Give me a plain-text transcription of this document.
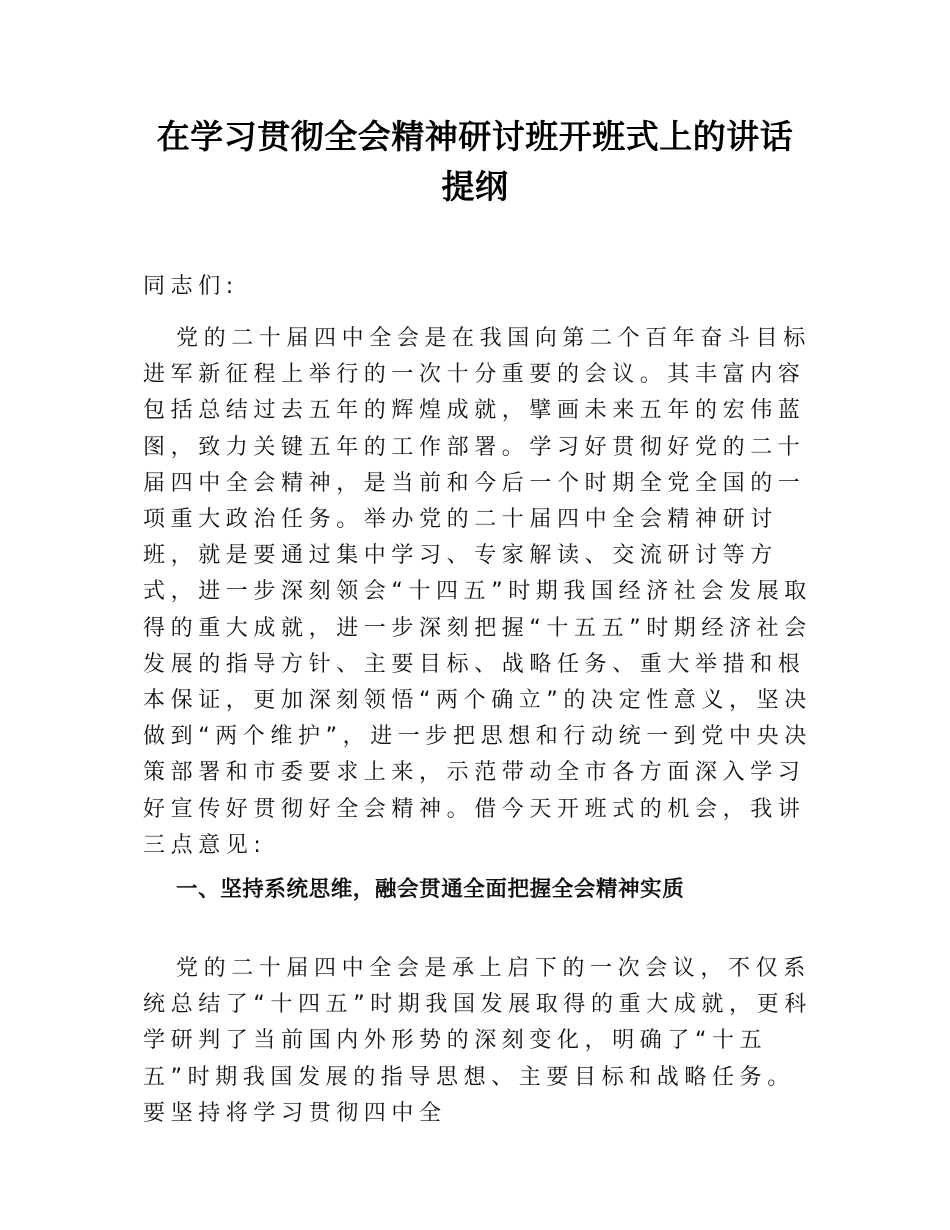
在学习贯彻全会精神研讨班开班式上的讲话
提纲
同志们:
党的二十届四中全会是在我国向第二个百年奋斗目标进军新征程上举行的一次十分重要的会议。其丰富内容包括总结过去五年的辉煌成就，擘画未来五年的宏伟蓝图，致力关键五年的工作部署。学习好贯彻好党的二十届四中全会精神，是当前和今后一个时期全党全国的一项重大政治任务。举办党的二十届四中全会精神研讨班，就是要通过集中学习、专家解读、交流研讨等方式，进一步深刻领会“十四五”时期我国经济社会发展取得的重大成就，进一步深刻把握“十五五”时期经济社会发展的指导方针、主要目标、战略任务、重大举措和根本保证，更加深刻领悟“两个确立”的决定性意义，坚决做到“两个维护”，进一步把思想和行动统一到党中央决策部署和市委要求上来，示范带动全市各方面深入学习好宣传好贯彻好全会精神。借今天开班式的机会，我讲三点意见:
一、坚持系统思维，融会贯通全面把握全会精神实质
党的二十届四中全会是承上启下的一次会议，不仅系统总结了“十四五”时期我国发展取得的重大成就，更科学研判了当前国内外形势的深刻变化，明确了“十五五”时期我国发展的指导思想、主要目标和战略任务。要坚持将学习贯彻四中全
